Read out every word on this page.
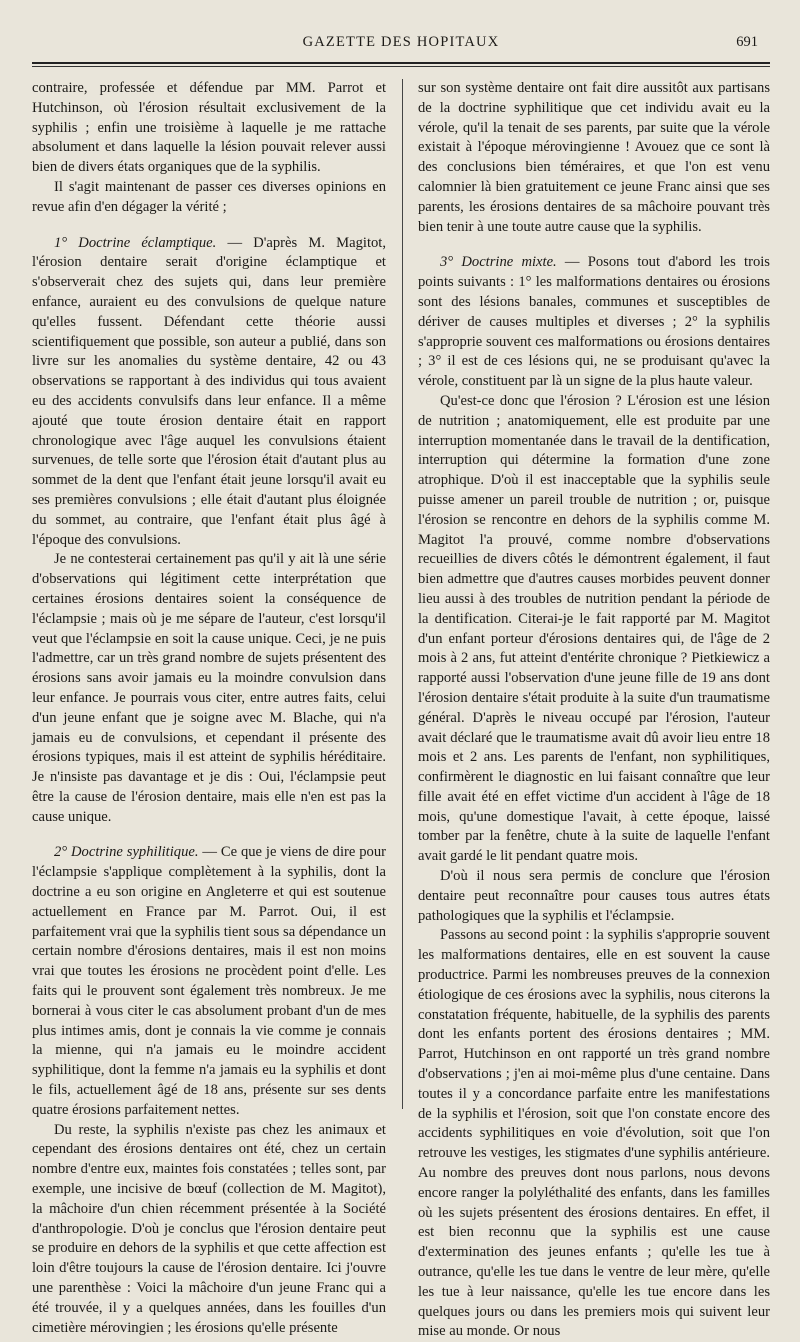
GAZETTE DES HOPITAUX	691

contraire, professée et défendue par MM. Parrot et Hutchinson, où l'érosion résultait exclusivement de la syphilis ; enfin une troisième à laquelle je me rattache absolument et dans laquelle la lésion pouvait relever aussi bien de divers états organiques que de la syphilis.

Il s'agit maintenant de passer ces diverses opinions en revue afin d'en dégager la vérité ;

1° Doctrine éclamptique. — D'après M. Magitot, l'érosion dentaire serait d'origine éclamptique et s'observerait chez des sujets qui, dans leur première enfance, auraient eu des convulsions de quelque nature qu'elles fussent. Défendant cette théorie aussi scientifiquement que possible, son auteur a publié, dans son livre sur les anomalies du système dentaire, 42 ou 43 observations se rapportant à des individus qui tous avaient eu des accidents convulsifs dans leur enfance. Il a même ajouté que toute érosion dentaire était en rapport chronologique avec l'âge auquel les convulsions étaient survenues, de telle sorte que l'érosion était d'autant plus au sommet de la dent que l'enfant était jeune lorsqu'il avait eu ses premières convulsions ; elle était d'autant plus éloignée du sommet, au contraire, que l'enfant était plus âgé à l'époque des convulsions.

Je ne contesterai certainement pas qu'il y ait là une série d'observations qui légitiment cette interprétation que certaines érosions dentaires soient la conséquence de l'éclampsie ; mais où je me sépare de l'auteur, c'est lorsqu'il veut que l'éclampsie en soit la cause unique. Ceci, je ne puis l'admettre, car un très grand nombre de sujets présentent des érosions sans avoir jamais eu la moindre convulsion dans leur enfance. Je pourrais vous citer, entre autres faits, celui d'un jeune enfant que je soigne avec M. Blache, qui n'a jamais eu de convulsions, et cependant il présente des érosions typiques, mais il est atteint de syphilis héréditaire. Je n'insiste pas davantage et je dis : Oui, l'éclampsie peut être la cause de l'érosion dentaire, mais elle n'en est pas la cause unique.

2° Doctrine syphilitique. — Ce que je viens de dire pour l'éclampsie s'applique complètement à la syphilis, dont la doctrine a eu son origine en Angleterre et qui est soutenue actuellement en France par M. Parrot. Oui, il est parfaitement vrai que la syphilis tient sous sa dépendance un certain nombre d'érosions dentaires, mais il est non moins vrai que toutes les érosions ne procèdent point d'elle. Les faits qui le prouvent sont également très nombreux. Je me bornerai à vous citer le cas absolument probant d'un de mes plus intimes amis, dont je connais la vie comme je connais la mienne, qui n'a jamais eu le moindre accident syphilitique, dont la femme n'a jamais eu la syphilis et dont le fils, actuellement âgé de 18 ans, présente sur ses dents quatre érosions parfaitement nettes.

Du reste, la syphilis n'existe pas chez les animaux et cependant des érosions dentaires ont été, chez un certain nombre d'entre eux, maintes fois constatées ; telles sont, par exemple, une incisive de bœuf (collection de M. Magitot), la mâchoire d'un chien récemment présentée à la Société d'anthropologie. D'où je conclus que l'érosion dentaire peut se produire en dehors de la syphilis et que cette affection est loin d'être toujours la cause de l'érosion dentaire. Ici j'ouvre une parenthèse : Voici la mâchoire d'un jeune Franc qui a été trouvée, il y a quelques années, dans les fouilles d'un cimetière mérovingien ; les érosions qu'elle présente

sur son système dentaire ont fait dire aussitôt aux partisans de la doctrine syphilitique que cet individu avait eu la vérole, qu'il la tenait de ses parents, par suite que la vérole existait à l'époque mérovingienne ! Avouez que ce sont là des conclusions bien téméraires, et que l'on est venu calomnier là bien gratuitement ce jeune Franc ainsi que ses parents, les érosions dentaires de sa mâchoire pouvant très bien tenir à une toute autre cause que la syphilis.

3° Doctrine mixte. — Posons tout d'abord les trois points suivants : 1° les malformations dentaires ou érosions sont des lésions banales, communes et susceptibles de dériver de causes multiples et diverses ; 2° la syphilis s'approprie souvent ces malformations ou érosions dentaires ; 3° il est de ces lésions qui, ne se produisant qu'avec la vérole, constituent par là un signe de la plus haute valeur.

Qu'est-ce donc que l'érosion ? L'érosion est une lésion de nutrition ; anatomiquement, elle est produite par une interruption momentanée dans le travail de la dentification, interruption qui détermine la formation d'une zone atrophique. D'où il est inacceptable que la syphilis seule puisse amener un pareil trouble de nutrition ; or, puisque l'érosion se rencontre en dehors de la syphilis comme M. Magitot l'a prouvé, comme nombre d'observations recueillies de divers côtés le démontrent également, il faut bien admettre que d'autres causes morbides peuvent donner lieu aussi à des troubles de nutrition pendant la période de la dentification. Citerai-je le fait rapporté par M. Magitot d'un enfant porteur d'érosions dentaires qui, de l'âge de 2 mois à 2 ans, fut atteint d'entérite chronique ? Pietkiewicz a rapporté aussi l'observation d'une jeune fille de 19 ans dont l'érosion dentaire s'était produite à la suite d'un traumatisme général. D'après le niveau occupé par l'érosion, l'auteur avait déclaré que le traumatisme avait dû avoir lieu entre 18 mois et 2 ans. Les parents de l'enfant, non syphilitiques, confirmèrent le diagnostic en lui faisant connaître que leur fille avait été en effet victime d'un accident à l'âge de 18 mois, qu'une domestique l'avait, à cette époque, laissé tomber par la fenêtre, chute à la suite de laquelle l'enfant avait gardé le lit pendant quatre mois.

D'où il nous sera permis de conclure que l'érosion dentaire peut reconnaître pour causes tous autres états pathologiques que la syphilis et l'éclampsie.

Passons au second point : la syphilis s'approprie souvent les malformations dentaires, elle en est souvent la cause productrice. Parmi les nombreuses preuves de la connexion étiologique de ces érosions avec la syphilis, nous citerons la constatation fréquente, habituelle, de la syphilis des parents dont les enfants portent des érosions dentaires ; MM. Parrot, Hutchinson en ont rapporté un très grand nombre d'observations ; j'en ai moi-même plus d'une centaine. Dans toutes il y a concordance parfaite entre les manifestations de la syphilis et l'érosion, soit que l'on constate encore des accidents syphilitiques en voie d'évolution, soit que l'on retrouve les vestiges, les stigmates d'une syphilis antérieure. Au nombre des preuves dont nous parlons, nous devons encore ranger la polyléthalité des enfants, dans les familles où les sujets présentent des érosions dentaires. En effet, il est bien reconnu que la syphilis est une cause d'extermination des jeunes enfants ; qu'elle les tue à outrance, qu'elle les tue dans le ventre de leur mère, qu'elle les tue à leur naissance, qu'elle les tue encore dans les quelques jours ou dans les premiers mois qui suivent leur mise au monde. Or nous
